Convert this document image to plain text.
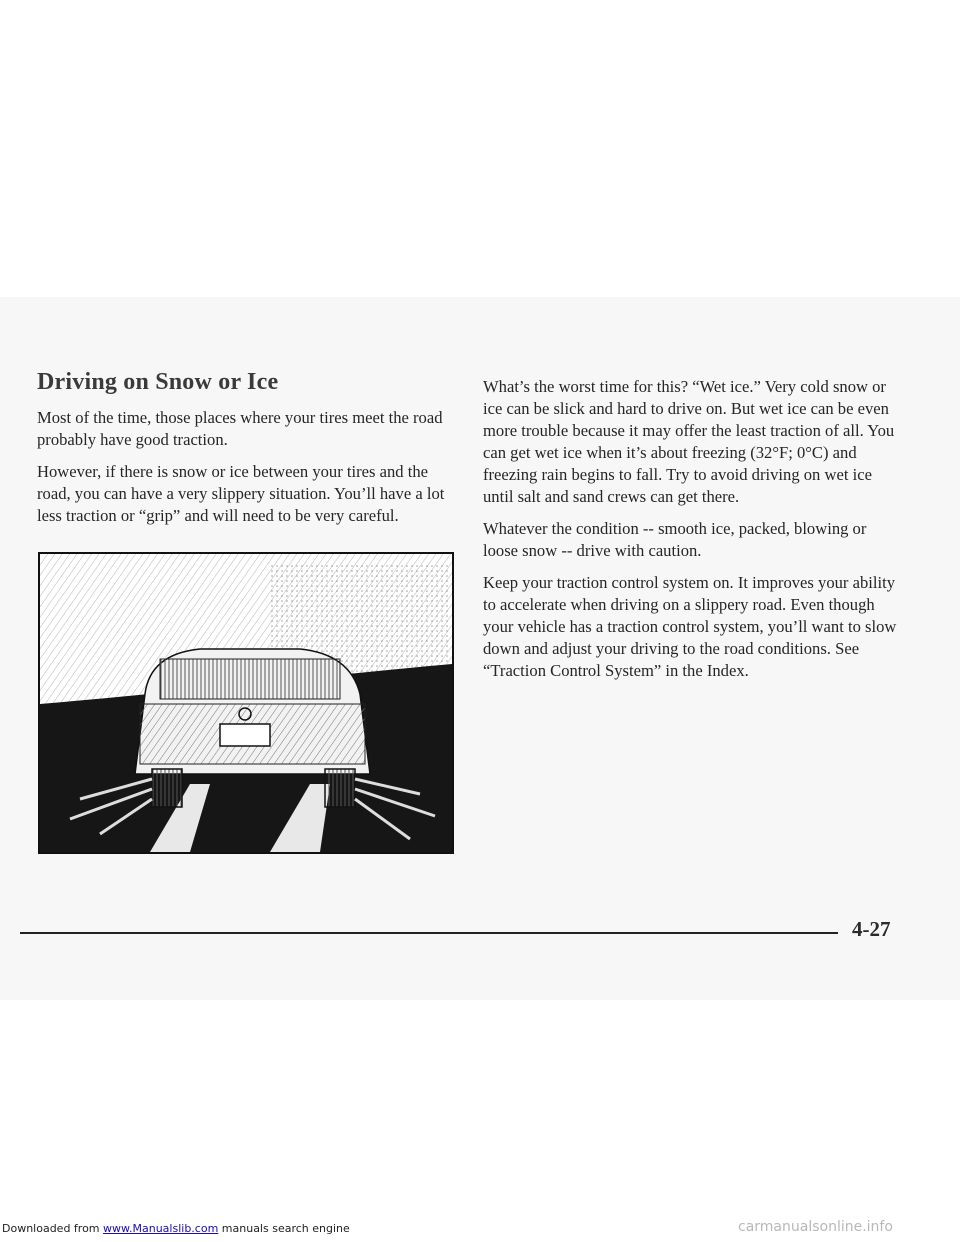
Driving on Snow or Ice

Most of the time, those places where your tires meet the road probably have good traction.

However, if there is snow or ice between your tires and the road, you can have a very slippery situation. You’ll have a lot less traction or “grip” and will need to be very careful.

What’s the worst time for this? “Wet ice.” Very cold snow or ice can be slick and hard to drive on. But wet ice can be even more trouble because it may offer the least traction of all. You can get wet ice when it’s about freezing (32°F; 0°C) and freezing rain begins to fall. Try to avoid driving on wet ice until salt and sand crews can get there.

Whatever the condition -- smooth ice, packed, blowing or loose snow -- drive with caution.

Keep your traction control system on. It improves your ability to accelerate when driving on a slippery road. Even though your vehicle has a traction control system, you’ll want to slow down and adjust your driving to the road conditions. See “Traction Control System” in the Index.

4-27
Downloaded from www.Manualslib.com manuals search engine	carmanualsonline.info
